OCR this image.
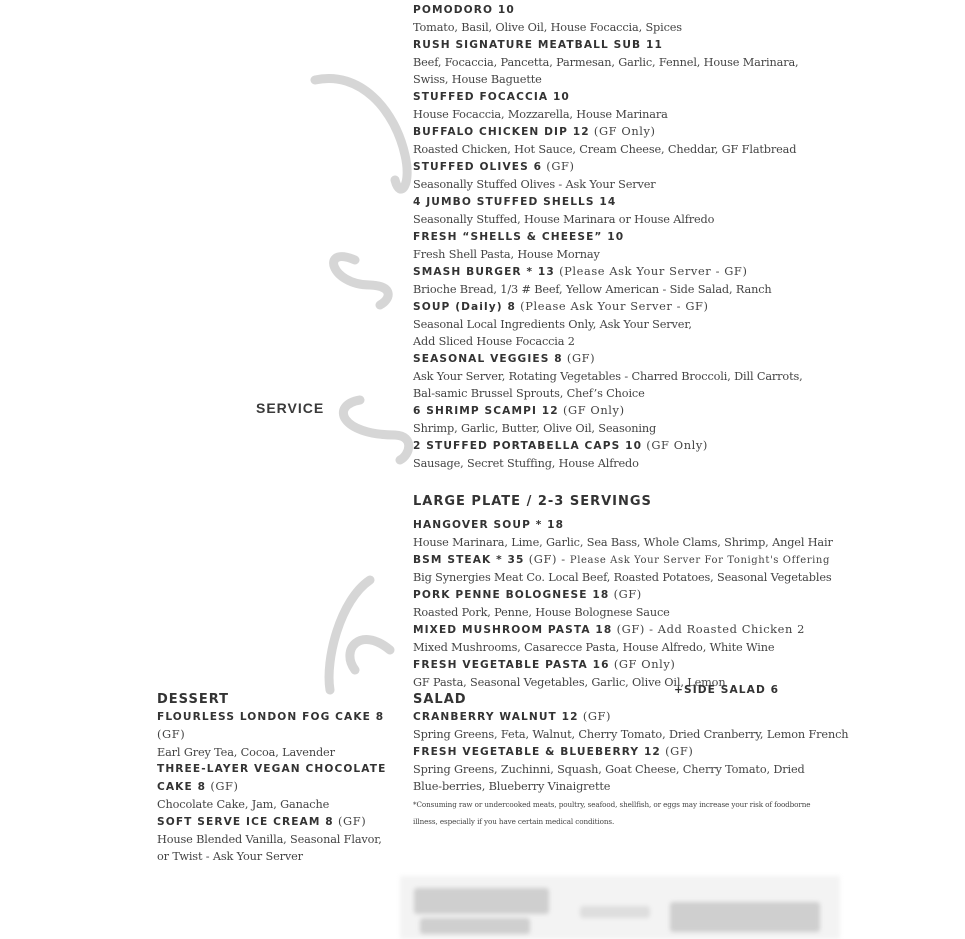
SERVICE
POMODORO 10
Tomato, Basil, Olive Oil, House Focaccia, Spices
RUSH SIGNATURE MEATBALL SUB 11
Beef, Focaccia, Pancetta, Parmesan, Garlic, Fennel, House Marinara, Swiss, House Baguette
STUFFED FOCACCIA 10
House Focaccia, Mozzarella, House Marinara
BUFFALO CHICKEN DIP 12 (GF Only)
Roasted Chicken, Hot Sauce, Cream Cheese, Cheddar, GF Flatbread
STUFFED OLIVES 6 (GF)
Seasonally Stuffed Olives - Ask Your Server
4 JUMBO STUFFED SHELLS 14
Seasonally Stuffed, House Marinara or House Alfredo
FRESH “SHELLS & CHEESE” 10
Fresh Shell Pasta, House Mornay
SMASH BURGER * 13 (Please Ask Your Server - GF)
Brioche Bread, 1/3 # Beef, Yellow American - Side Salad, Ranch
SOUP (Daily) 8 (Please Ask Your Server - GF)
Seasonal Local Ingredients Only, Ask Your Server,
Add Sliced House Focaccia 2
SEASONAL VEGGIES 8 (GF)
Ask Your Server, Rotating Vegetables - Charred Broccoli, Dill Carrots, Bal-samic Brussel Sprouts, Chef’s Choice
6 SHRIMP SCAMPI 12 (GF Only)
Shrimp, Garlic, Butter, Olive Oil, Seasoning
2 STUFFED PORTABELLA CAPS 10 (GF Only)
Sausage, Secret Stuffing, House Alfredo
LARGE PLATE / 2-3 SERVINGS
HANGOVER SOUP * 18
House Marinara, Lime, Garlic, Sea Bass, Whole Clams, Shrimp, Angel Hair
BSM STEAK * 35 (GF) - Please Ask Your Server For Tonight's Offering
Big Synergies Meat Co. Local Beef, Roasted Potatoes, Seasonal Vegetables
PORK PENNE BOLOGNESE 18 (GF)
Roasted Pork, Penne, House Bolognese Sauce
MIXED MUSHROOM PASTA 18 (GF) - Add Roasted Chicken 2
Mixed Mushrooms, Casarecce Pasta, House Alfredo, White Wine
FRESH VEGETABLE PASTA 16 (GF Only)
GF Pasta, Seasonal Vegetables, Garlic, Olive Oil, Lemon
+SIDE SALAD 6
SALAD
CRANBERRY WALNUT 12 (GF)
Spring Greens, Feta, Walnut, Cherry Tomato, Dried Cranberry, Lemon French
FRESH VEGETABLE & BLUEBERRY 12 (GF)
Spring Greens, Zuchinni, Squash, Goat Cheese, Cherry Tomato, Dried Blue-berries, Blueberry Vinaigrette
*Consuming raw or undercooked meats, poultry, seafood, shellfish, or eggs may increase your risk of foodborne illness, especially if you have certain medical conditions.
DESSERT
FLOURLESS LONDON FOG CAKE 8 (GF)
Earl Grey Tea, Cocoa, Lavender
THREE-LAYER VEGAN CHOCOLATE CAKE 8 (GF)
Chocolate Cake, Jam, Ganache
SOFT SERVE ICE CREAM 8 (GF)
House Blended Vanilla, Seasonal Flavor, or Twist - Ask Your Server
